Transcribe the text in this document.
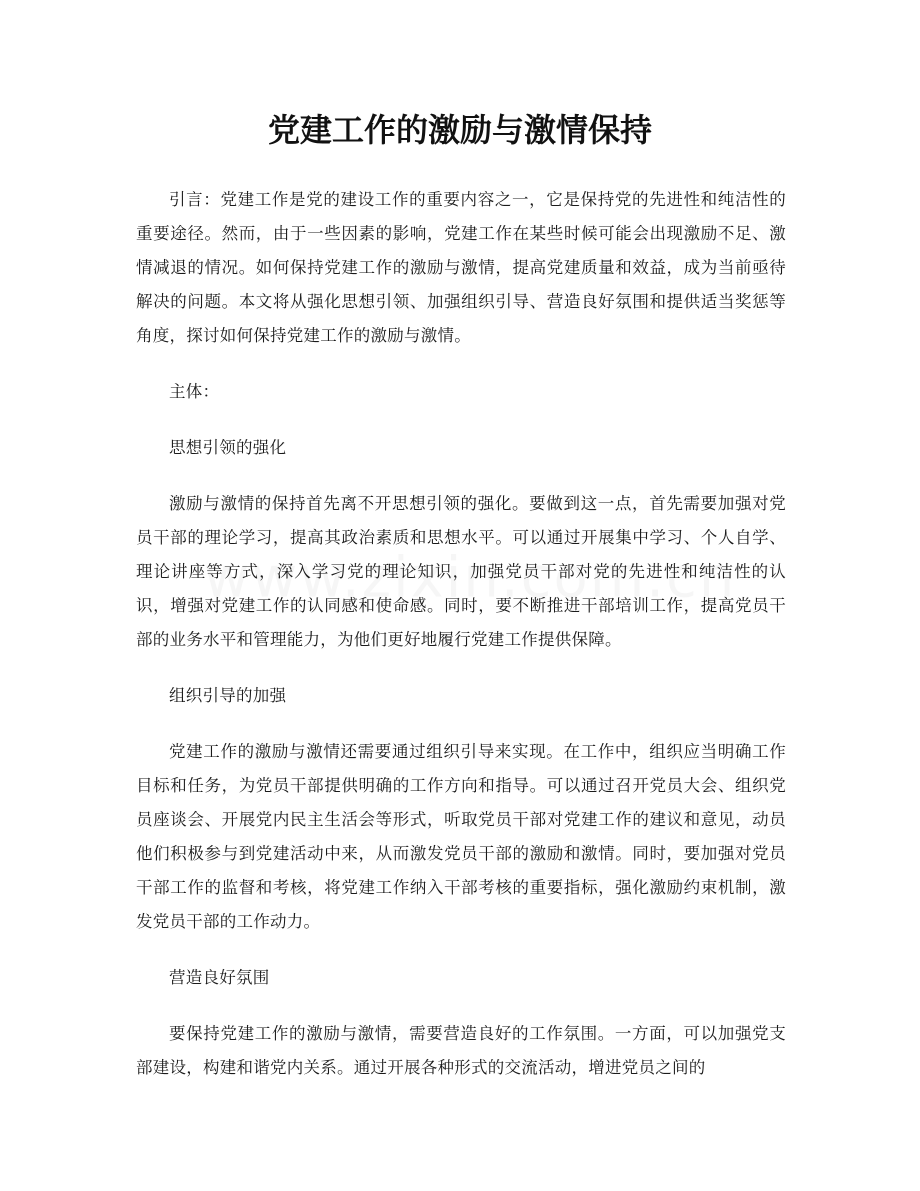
党建工作的激励与激情保持

引言：党建工作是党的建设工作的重要内容之一，它是保持党的先进性和纯洁性的重要途径。然而，由于一些因素的影响，党建工作在某些时候可能会出现激励不足、激情减退的情况。如何保持党建工作的激励与激情，提高党建质量和效益，成为当前亟待解决的问题。本文将从强化思想引领、加强组织引导、营造良好氛围和提供适当奖惩等角度，探讨如何保持党建工作的激励与激情。

主体：

思想引领的强化

激励与激情的保持首先离不开思想引领的强化。要做到这一点，首先需要加强对党员干部的理论学习，提高其政治素质和思想水平。可以通过开展集中学习、个人自学、理论讲座等方式，深入学习党的理论知识，加强党员干部对党的先进性和纯洁性的认识，增强对党建工作的认同感和使命感。同时，要不断推进干部培训工作，提高党员干部的业务水平和管理能力，为他们更好地履行党建工作提供保障。

组织引导的加强

党建工作的激励与激情还需要通过组织引导来实现。在工作中，组织应当明确工作目标和任务，为党员干部提供明确的工作方向和指导。可以通过召开党员大会、组织党员座谈会、开展党内民主生活会等形式，听取党员干部对党建工作的建议和意见，动员他们积极参与到党建活动中来，从而激发党员干部的激励和激情。同时，要加强对党员干部工作的监督和考核，将党建工作纳入干部考核的重要指标，强化激励约束机制，激发党员干部的工作动力。

营造良好氛围

要保持党建工作的激励与激情，需要营造良好的工作氛围。一方面，可以加强党支部建设，构建和谐党内关系。通过开展各种形式的交流活动，增进党员之间的
